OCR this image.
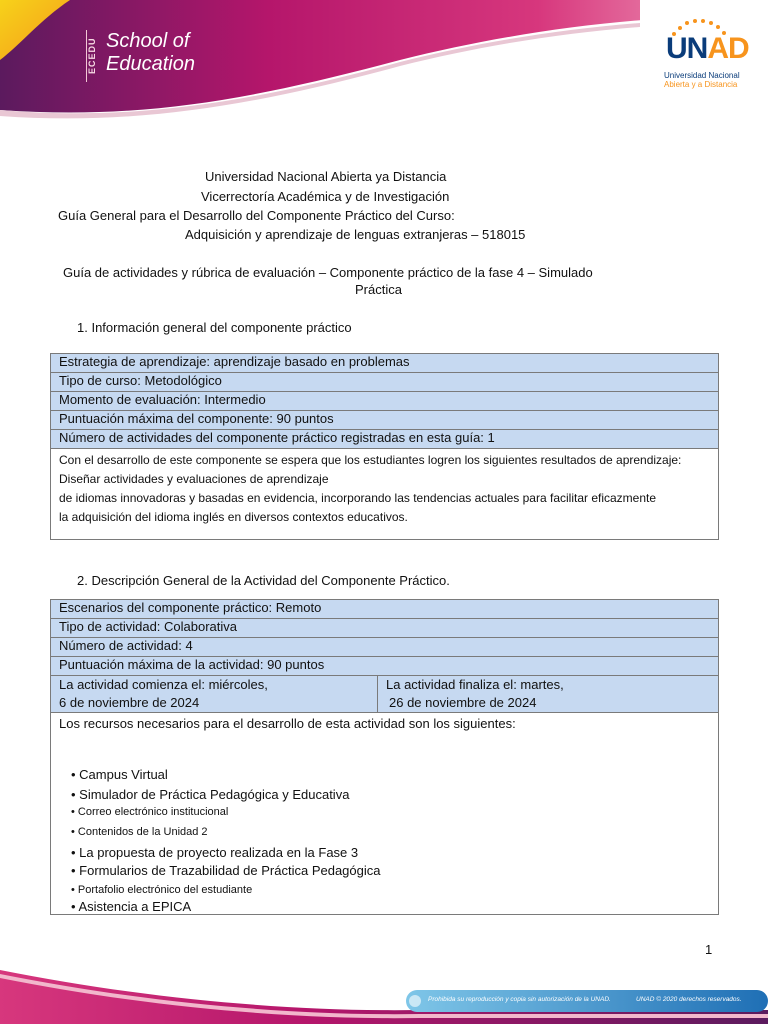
ECEDU School of
Education	UNAD
Universidad Nacional
Abierta y a Distancia
Universidad Nacional Abierta ya Distancia
Vicerrectoría Académica y de Investigación
Guía General para el Desarrollo del Componente Práctico del Curso:
Adquisición y aprendizaje de lenguas extranjeras – 518015
Guía de actividades y rúbrica de evaluación – Componente práctico de la fase 4 – Simulado
Práctica
1. Información general del componente práctico
Estrategia de aprendizaje: aprendizaje basado en problemas
Tipo de curso: Metodológico
Momento de evaluación: Intermedio
Puntuación máxima del componente: 90 puntos
Número de actividades del componente práctico registradas en esta guía: 1

Con el desarrollo de este componente se espera que los estudiantes logren los siguientes resultados de aprendizaje:
Diseñar actividades y evaluaciones de aprendizaje
de idiomas innovadoras y basadas en evidencia, incorporando las tendencias actuales para facilitar eficazmente
la adquisición del idioma inglés en diversos contextos educativos.
2. Descripción General de la Actividad del Componente Práctico.
Escenarios del componente práctico: Remoto
Tipo de actividad: Colaborativa
Número de actividad: 4
Puntuación máxima de la actividad: 90 puntos

La actividad comienza el: miércoles,
6 de noviembre de 2024

La actividad finaliza el: martes,
26 de noviembre de 2024

Los recursos necesarios para el desarrollo de esta actividad son los siguientes:
• Campus Virtual
• Simulador de Práctica Pedagógica y Educativa
• Correo electrónico institucional
• Contenidos de la Unidad 2
• La propuesta de proyecto realizada en la Fase 3
• Formularios de Trazabilidad de Práctica Pedagógica
• Portafolio electrónico del estudiante
• Asistencia a EPICA
1
Prohibida su reproducción y copia sin autorización de la UNAD.	UNAD © 2020 derechos reservados.
